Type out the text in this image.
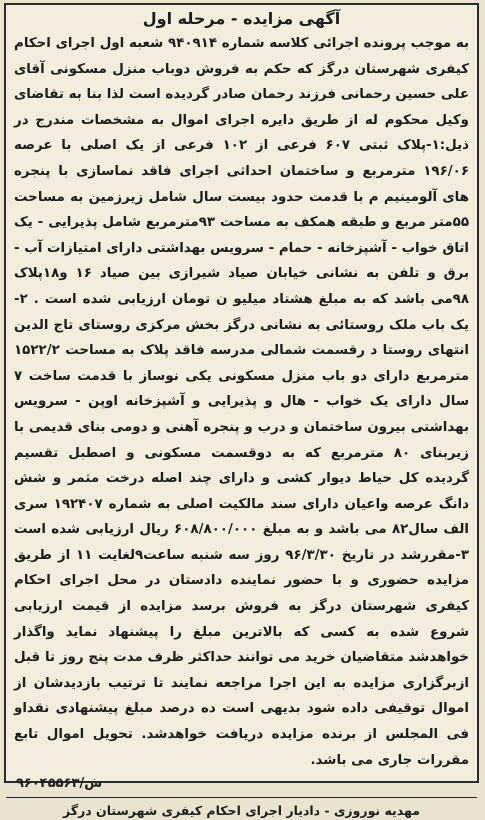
آگهی مزایده - مرحله اول

به موجب پرونده اجرائی کلاسه شماره ۹۴۰۹۱۴ شعبه اول اجرای احکام کیفری شهرستان درگز که حکم به فروش دوباب منزل مسکونی آقای علی حسین رحمانی فرزند رحمان صادر گردیده است لذا بنا به تقاضای وکیل محکوم له از طریق دایره اجرای اموال به مشخصات مندرج در ذیل:۱-پلاک ثبتی ۶۰۷ فرعی از ۱۰۲ فرعی از یک اصلی با عرصه ۱۹۶/۰۶ مترمربع و ساختمان احداثی اجرای فاقد نماسازی با پنجره های آلومینیم م با قدمت حدود بیست سال شامل زیرزمین به مساحت ۵۵متر مربع و طبقه همکف به مساحت ۹۳مترمربع شامل پذیرایی - یک اتاق خواب - آشپزخانه - حمام - سرویس بهداشتی دارای امتیازات آب - برق و تلفن به نشانی خیابان صیاد شیرازی بین صیاد ۱۶ و۱۸پلاک ۹۸می باشد که به مبلغ هشتاد میلیو ن تومان ارزیابی شده است . ۲- یک باب ملک روستائی به نشانی درگز بخش مرکزی روستای تاج الدین انتهای روستا د رقسمت شمالی مدرسه فاقد پلاک به مساحت ۱۵۲۲/۲ مترمربع دارای دو باب منزل مسکونی یکی نوساز با قدمت ساخت ۷ سال دارای یک خواب - هال و پذیرایی و آشپزخانه اوپن - سرویس بهداشتی بیرون ساختمان و درب و پنجره آهنی و دومی بنای قدیمی با زیربنای ۸۰ مترمربع که به دوقسمت مسکونی و اصطبل تقسیم گردیده کل حیاط دیوار کشی و دارای چند اصله درخت مثمر و شش دانگ عرصه واعیان دارای سند مالکیت اصلی به شماره ۱۹۲۴۰۷ سری الف سال۸۲ می باشد و به مبلغ ۶۰۸/۸۰۰/۰۰۰ ریال ارزیابی شده است ۳-مقررشد در تاریخ ۹۶/۳/۳۰ روز سه شنبه ساعت۹لغایت ۱۱ از طریق مزایده حضوری و با حضور نماینده دادستان در محل اجرای احکام کیفری شهرستان درگز به فروش برسد مزایده از قیمت ارزیابی شروع شده به کسی که بالاترین مبلغ را پیشنهاد نماید واگذار خواهدشد متقاضیان خرید می توانند حداکثر ظرف مدت پنج روز تا قبل ازبرگزاری مزایده به این اجرا مراجعه نمایند تا ترتیب بازدیدشان از اموال توقیفی داده شود بدیهی است ده درصد مبلغ پیشنهادی نقداو فی المجلس از برنده مزایده دریافت خواهدشد. تحویل اموال تابع مقررات جاری می باشد.

۹۶۰۴۵۵۶۳/ش
مهدیه نوروزی - دادیار اجرای احکام کیفری شهرستان درگز
